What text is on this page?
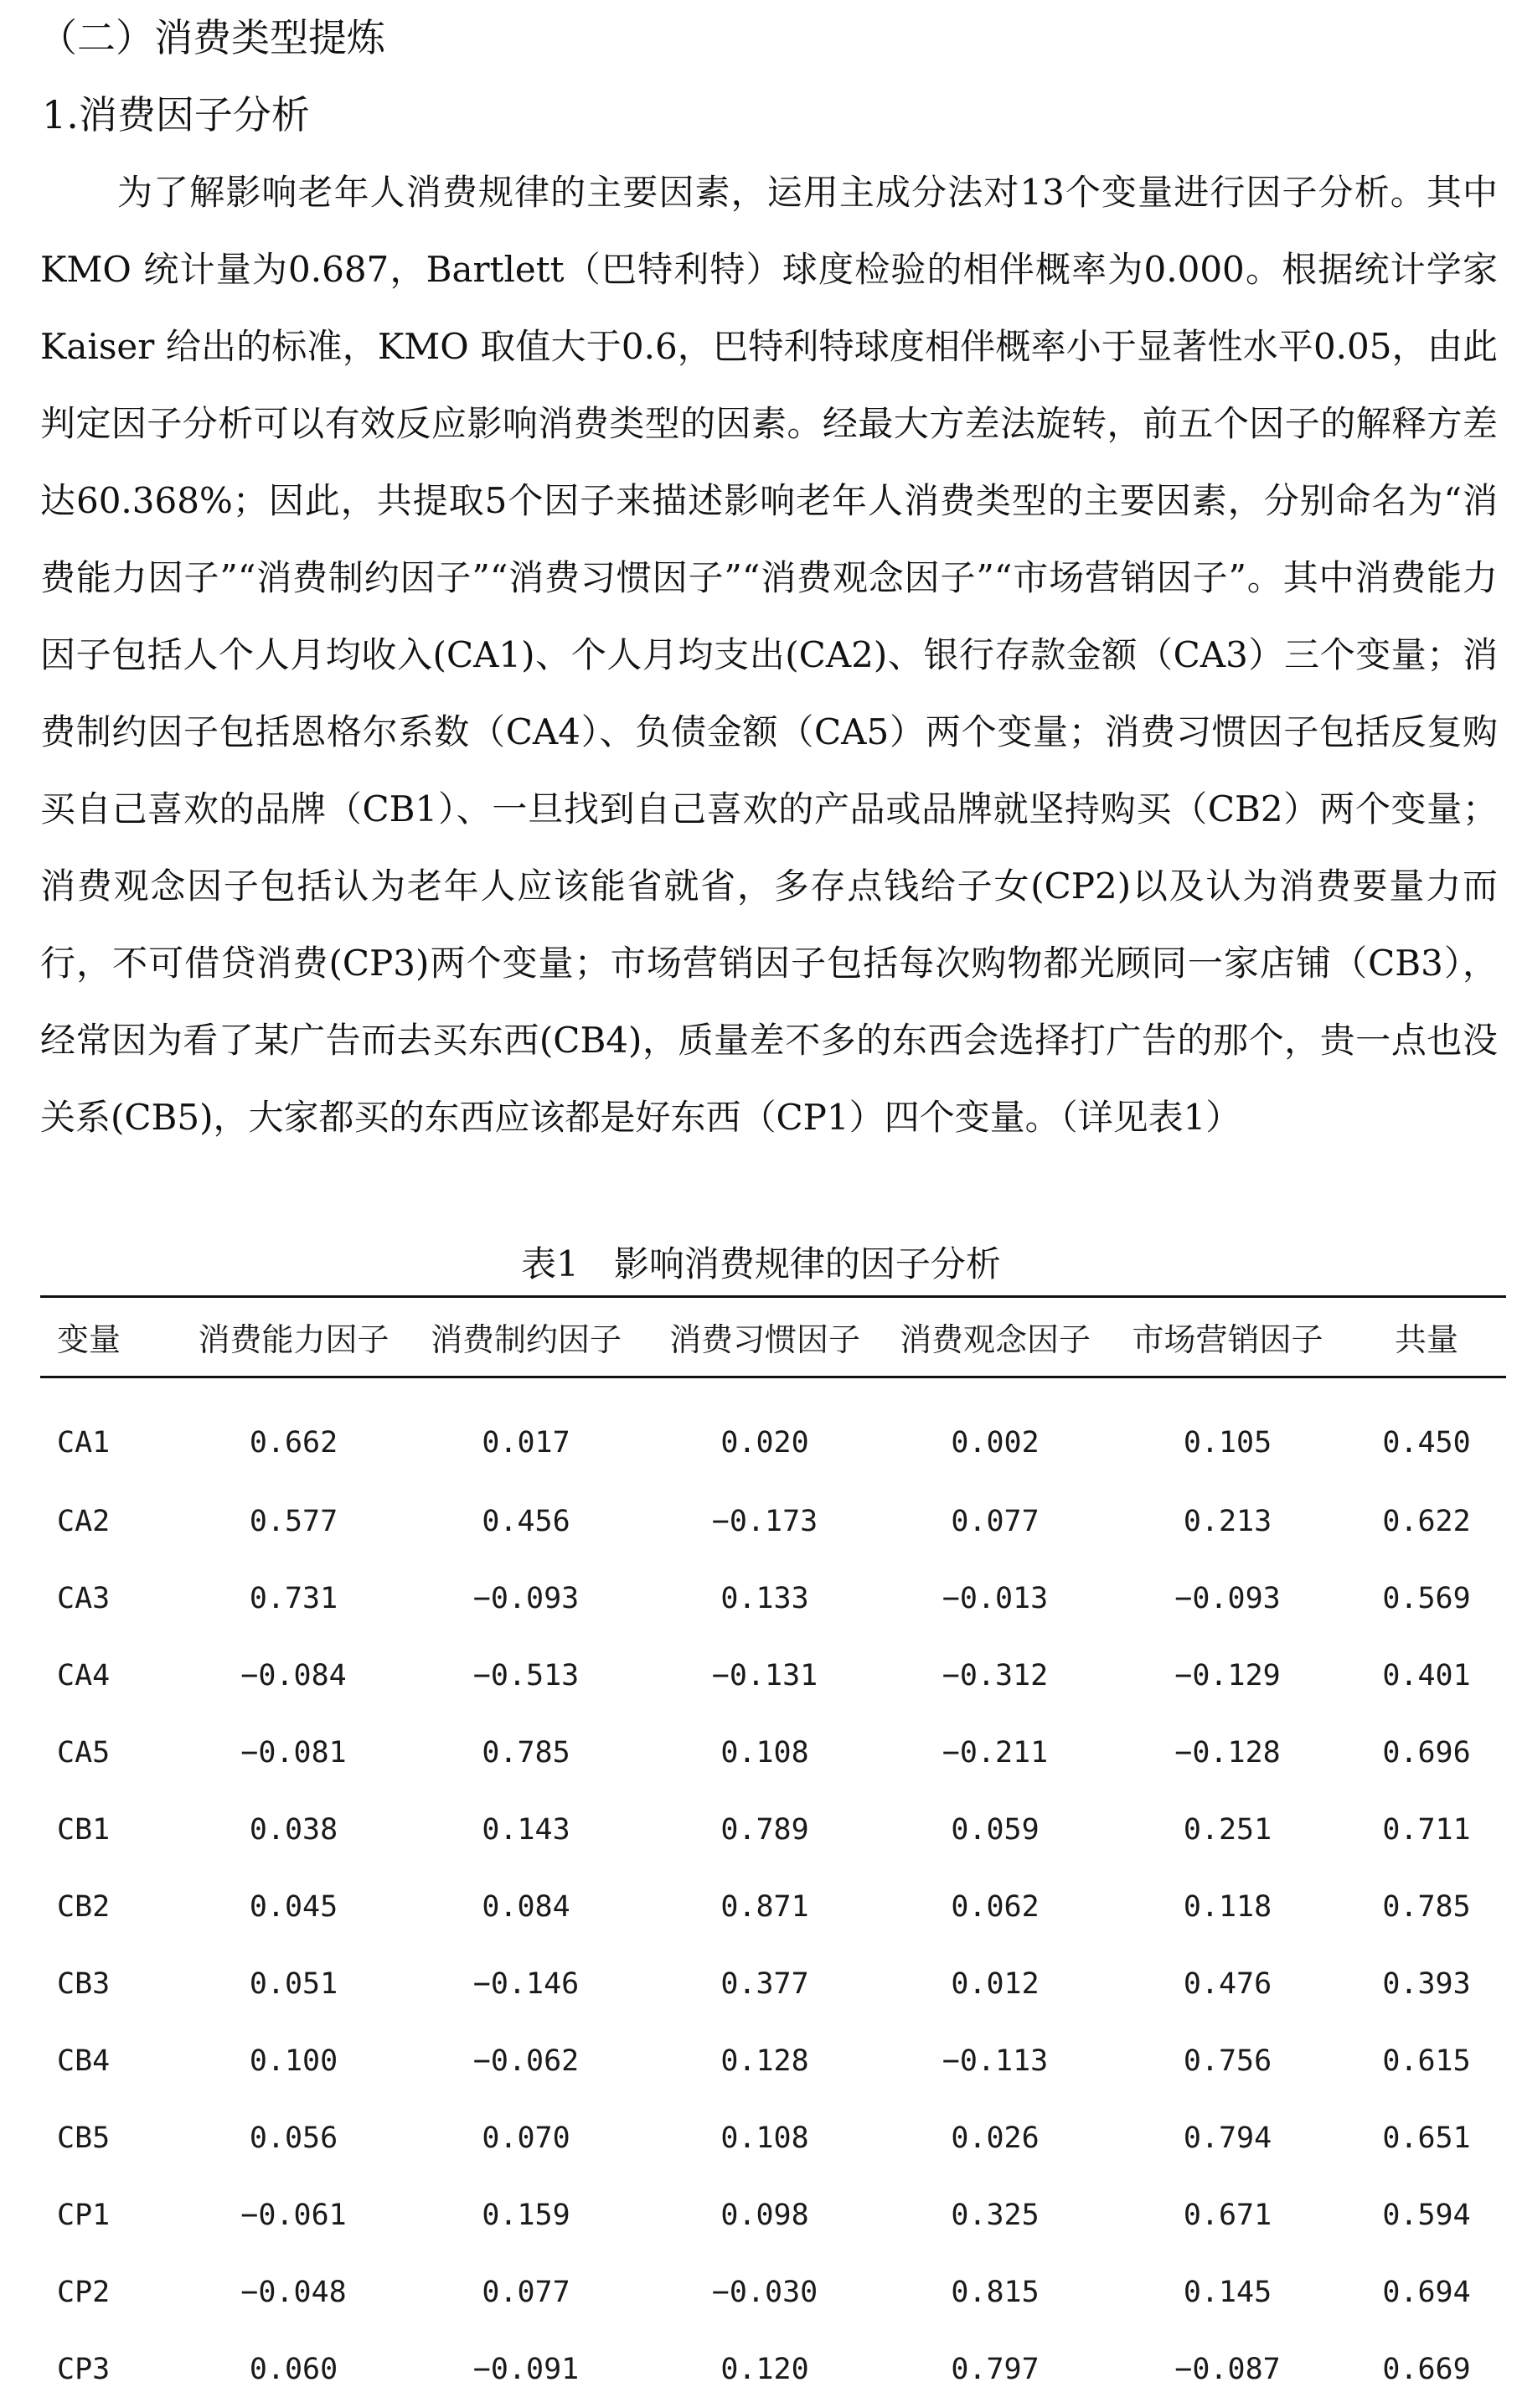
（二）消费类型提炼
1.消费因子分析

为了解影响老年人消费规律的主要因素，运用主成分法对13个变量进行因子分析。其中 KMO 统计量为0.687，Bartlett（巴特利特）球度检验的相伴概率为0.000。根据统计学家 Kaiser 给出的标准，KMO 取值大于0.6，巴特利特球度相伴概率小于显著性水平0.05，由此判定因子分析可以有效反应影响消费类型的因素。经最大方差法旋转，前五个因子的解释方差达60.368%；因此，共提取5个因子来描述影响老年人消费类型的主要因素，分别命名为“消费能力因子”“消费制约因子”“消费习惯因子”“消费观念因子”“市场营销因子”。其中消费能力因子包括人个人月均收入(CA1)、个人月均支出(CA2)、银行存款金额（CA3）三个变量；消费制约因子包括恩格尔系数（CA4）、负债金额（CA5）两个变量；消费习惯因子包括反复购买自己喜欢的品牌（CB1）、一旦找到自己喜欢的产品或品牌就坚持购买（CB2）两个变量；消费观念因子包括认为老年人应该能省就省，多存点钱给子女(CP2)以及认为消费要量力而行，不可借贷消费(CP3)两个变量；市场营销因子包括每次购物都光顾同一家店铺（CB3），经常因为看了某广告而去买东西(CB4)，质量差不多的东西会选择打广告的那个，贵一点也没关系(CB5)，大家都买的东西应该都是好东西（CP1）四个变量。（详见表1）

表1　影响消费规律的因子分析
变量	消费能力因子	消费制约因子	消费习惯因子	消费观念因子	市场营销因子	共量
CA1	0.662	0.017	0.020	0.002	0.105	0.450
CA2	0.577	0.456	−0.173	0.077	0.213	0.622
CA3	0.731	−0.093	0.133	−0.013	−0.093	0.569
CA4	−0.084	−0.513	−0.131	−0.312	−0.129	0.401
CA5	−0.081	0.785	0.108	−0.211	−0.128	0.696
CB1	0.038	0.143	0.789	0.059	0.251	0.711
CB2	0.045	0.084	0.871	0.062	0.118	0.785
CB3	0.051	−0.146	0.377	0.012	0.476	0.393
CB4	0.100	−0.062	0.128	−0.113	0.756	0.615
CB5	0.056	0.070	0.108	0.026	0.794	0.651
CP1	−0.061	0.159	0.098	0.325	0.671	0.594
CP2	−0.048	0.077	−0.030	0.815	0.145	0.694
CP3	0.060	−0.091	0.120	0.797	−0.087	0.669
